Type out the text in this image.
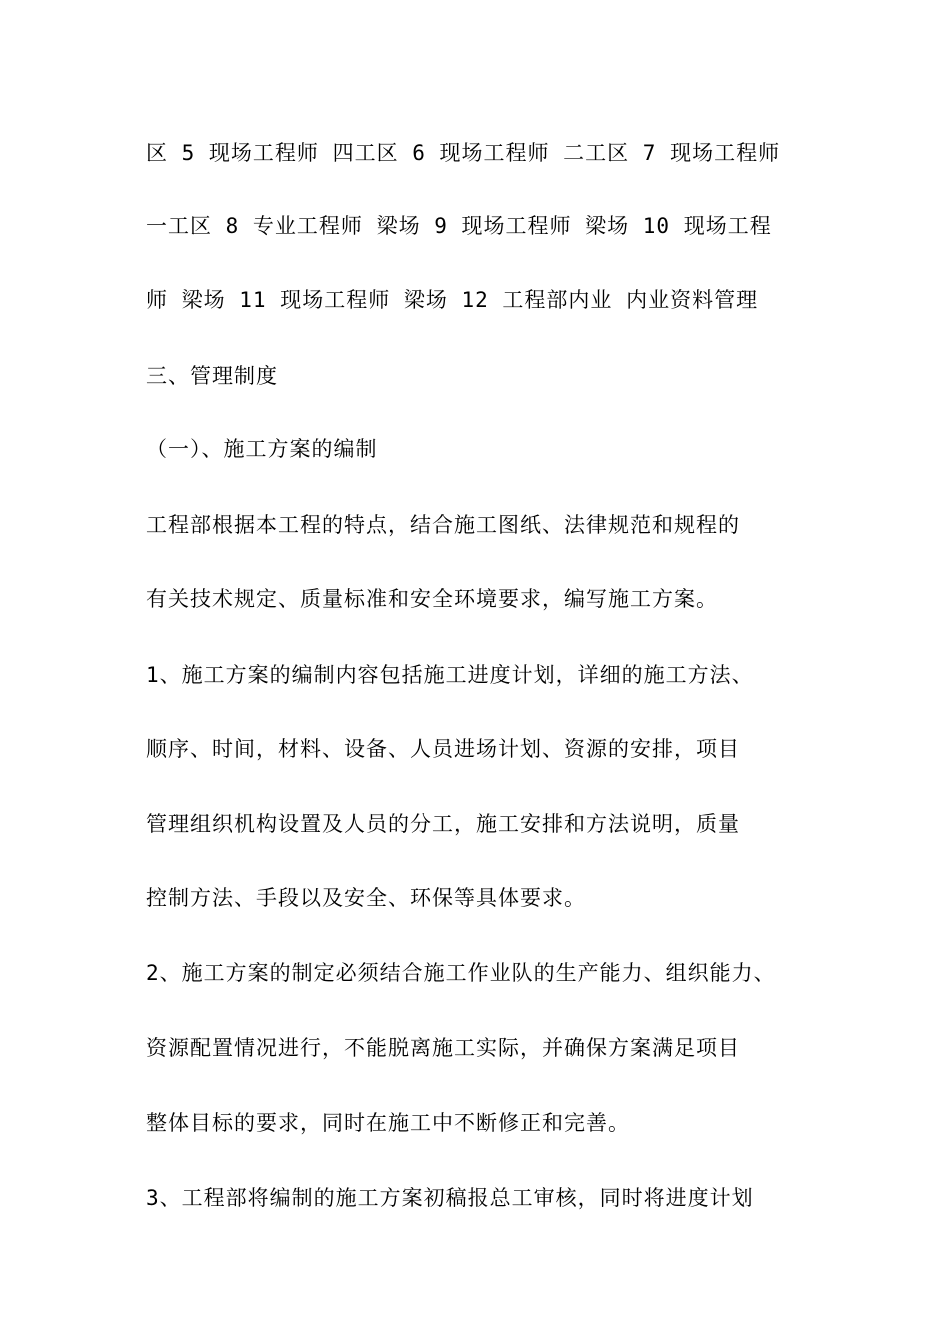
区 5 现场工程师 四工区 6 现场工程师 二工区 7 现场工程师
一工区 8 专业工程师 梁场 9 现场工程师 梁场 10 现场工程
师 梁场 11 现场工程师 梁场 12 工程部内业 内业资料管理
三、管理制度
（一）、施工方案的编制
工程部根据本工程的特点，结合施工图纸、法律规范和规程的
有关技术规定、质量标准和安全环境要求，编写施工方案。
1、施工方案的编制内容包括施工进度计划，详细的施工方法、
顺序、时间，材料、设备、人员进场计划、资源的安排，项目
管理组织机构设置及人员的分工，施工安排和方法说明，质量
控制方法、手段以及安全、环保等具体要求。
2、施工方案的制定必须结合施工作业队的生产能力、组织能力、
资源配置情况进行，不能脱离施工实际，并确保方案满足项目
整体目标的要求，同时在施工中不断修正和完善。
3、工程部将编制的施工方案初稿报总工审核，同时将进度计划
